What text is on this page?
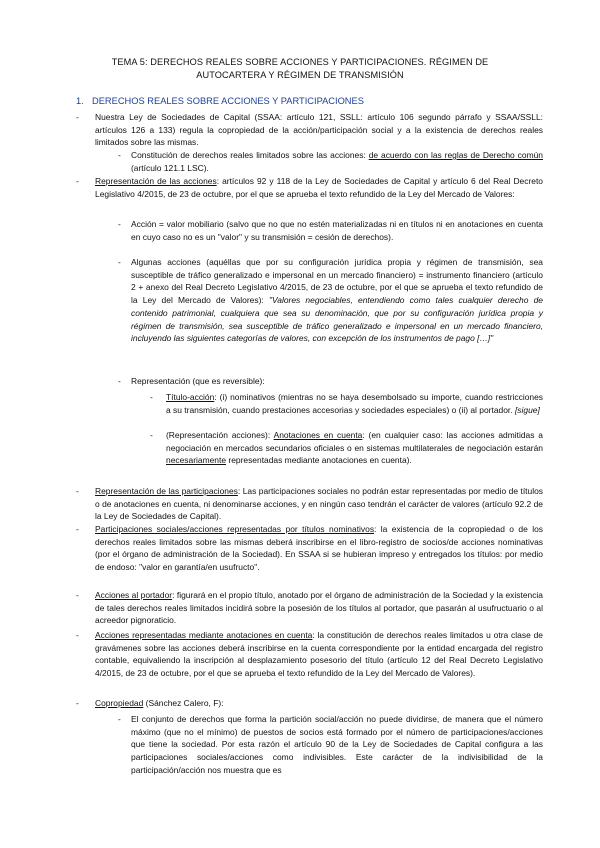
TEMA 5: DERECHOS REALES SOBRE ACCIONES Y PARTICIPACIONES. RÉGIMEN DE
AUTOCARTERA Y RÉGIMEN DE TRANSMISIÓN
1. DERECHOS REALES SOBRE ACCIONES Y PARTICIPACIONES
- Nuestra Ley de Sociedades de Capital (SSAA: artículo 121, SSLL: artículo 106 segundo párrafo y SSAA/SSLL: artículos 126 a 133) regula la copropiedad de la acción/participación social y a la existencia de derechos reales limitados sobre las mismas.
- Constitución de derechos reales limitados sobre las acciones: de acuerdo con las reglas de Derecho común (artículo 121.1 LSC).
- Representación de las acciones: artículos 92 y 118 de la Ley de Sociedades de Capital y artículo 6 del Real Decreto Legislativo 4/2015, de 23 de octubre, por el que se aprueba el texto refundido de la Ley del Mercado de Valores:
- Acción = valor mobiliario (salvo que no que no estén materializadas ni en títulos ni en anotaciones en cuenta en cuyo caso no es un "valor" y su transmisión = cesión de derechos).
- Algunas acciones (aquéllas que por su configuración jurídica propia y régimen de transmisión, sea susceptible de tráfico generalizado e impersonal en un mercado financiero) = instrumento financiero (artículo 2 + anexo del Real Decreto Legislativo 4/2015, de 23 de octubre, por el que se aprueba el texto refundido de la Ley del Mercado de Valores): "Valores negociables, entendiendo como tales cualquier derecho de contenido patrimonial, cualquiera que sea su denominación, que por su configuración jurídica propia y régimen de transmisión, sea susceptible de tráfico generalizado e impersonal en un mercado financiero, incluyendo las siguientes categorías de valores, con excepción de los instrumentos de pago […]"
- Representación (que es reversible):
- Título-acción: (i) nominativos (mientras no se haya desembolsado su importe, cuando restricciones a su transmisión, cuando prestaciones accesorias y sociedades especiales) o (ii) al portador. [sigue]
- (Representación acciones): Anotaciones en cuenta: (en cualquier caso: las acciones admitidas a negociación en mercados secundarios oficiales o en sistemas multilaterales de negociación estarán necesariamente representadas mediante anotaciones en cuenta).
- Representación de las participaciones: Las participaciones sociales no podrán estar representadas por medio de títulos o de anotaciones en cuenta, ni denominarse acciones, y en ningún caso tendrán el carácter de valores (artículo 92.2 de la Ley de Sociedades de Capital).
- Participaciones sociales/acciones representadas por títulos nominativos: la existencia de la copropiedad o de los derechos reales limitados sobre las mismas deberá inscribirse en el libro-registro de socios/de acciones nominativas (por el órgano de administración de la Sociedad). En SSAA si se hubieran impreso y entregados los títulos: por medio de endoso: "valor en garantía/en usufructo".
- Acciones al portador: figurará en el propio título, anotado por el órgano de administración de la Sociedad y la existencia de tales derechos reales limitados incidirá sobre la posesión de los títulos al portador, que pasarán al usufructuario o al acreedor pignoraticio.
- Acciones representadas mediante anotaciones en cuenta: la constitución de derechos reales limitados u otra clase de gravámenes sobre las acciones deberá inscribirse en la cuenta correspondiente por la entidad encargada del registro contable, equivaliendo la inscripción al desplazamiento posesorio del título (artículo 12 del Real Decreto Legislativo 4/2015, de 23 de octubre, por el que se aprueba el texto refundido de la Ley del Mercado de Valores).
- Copropiedad (Sánchez Calero, F):
- El conjunto de derechos que forma la partición social/acción no puede dividirse, de manera que el número máximo (que no el mínimo) de puestos de socios está formado por el número de participaciones/acciones que tiene la sociedad. Por esta razón el artículo 90 de la Ley de Sociedades de Capital configura a las participaciones sociales/acciones como indivisibles. Este carácter de la indivisibilidad de la participación/acción nos muestra que es
